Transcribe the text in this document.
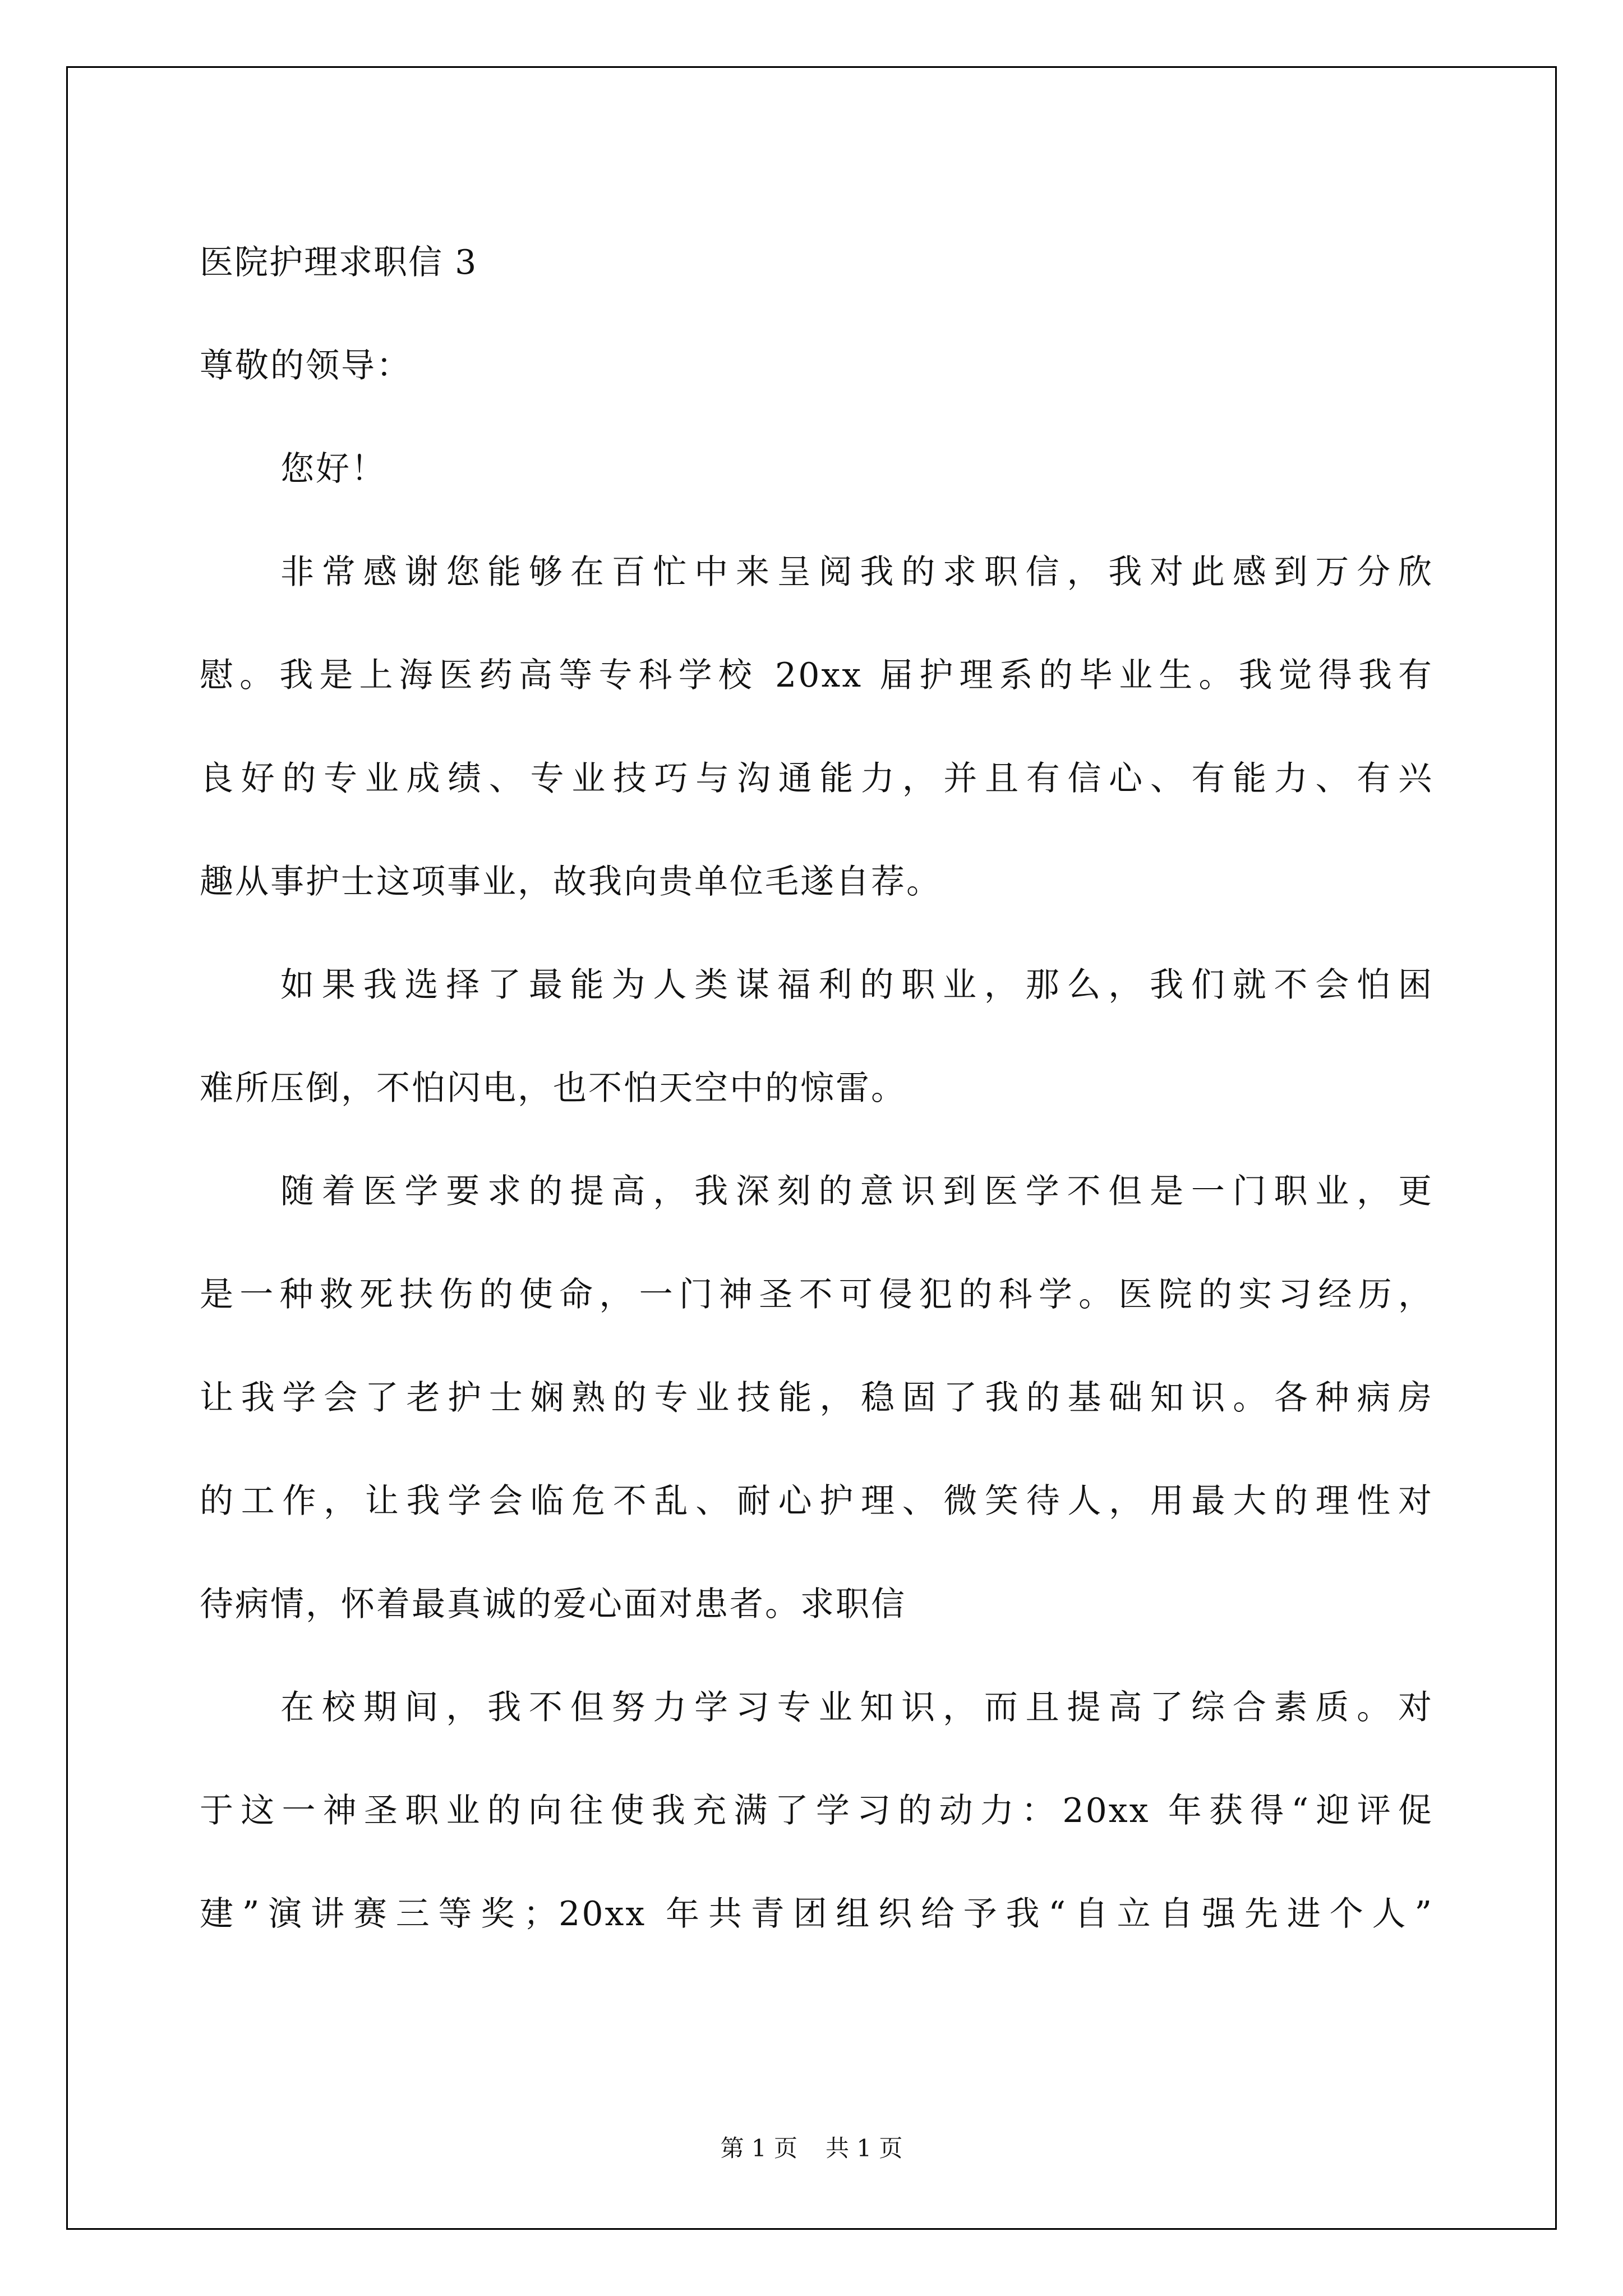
医院护理求职信 3
尊敬的领导：
您好！
非常感谢您能够在百忙中来呈阅我的求职信，我对此感到万分欣
慰。我是上海医药高等专科学校 20xx 届护理系的毕业生。我觉得我有
良好的专业成绩、专业技巧与沟通能力，并且有信心、有能力、有兴
趣从事护士这项事业，故我向贵单位毛遂自荐。
如果我选择了最能为人类谋福利的职业，那么，我们就不会怕困
难所压倒，不怕闪电，也不怕天空中的惊雷。
随着医学要求的提高，我深刻的意识到医学不但是一门职业，更
是一种救死扶伤的使命，一门神圣不可侵犯的科学。医院的实习经历，
让我学会了老护士娴熟的专业技能，稳固了我的基础知识。各种病房
的工作，让我学会临危不乱、耐心护理、微笑待人，用最大的理性对
待病情，怀着最真诚的爱心面对患者。求职信
在校期间，我不但努力学习专业知识，而且提高了综合素质。对
于这一神圣职业的向往使我充满了学习的动力：20xx 年获得“迎评促
建”演讲赛三等奖；20xx 年共青团组织给予我“自立自强先进个人”
第 1 页 共 1 页
